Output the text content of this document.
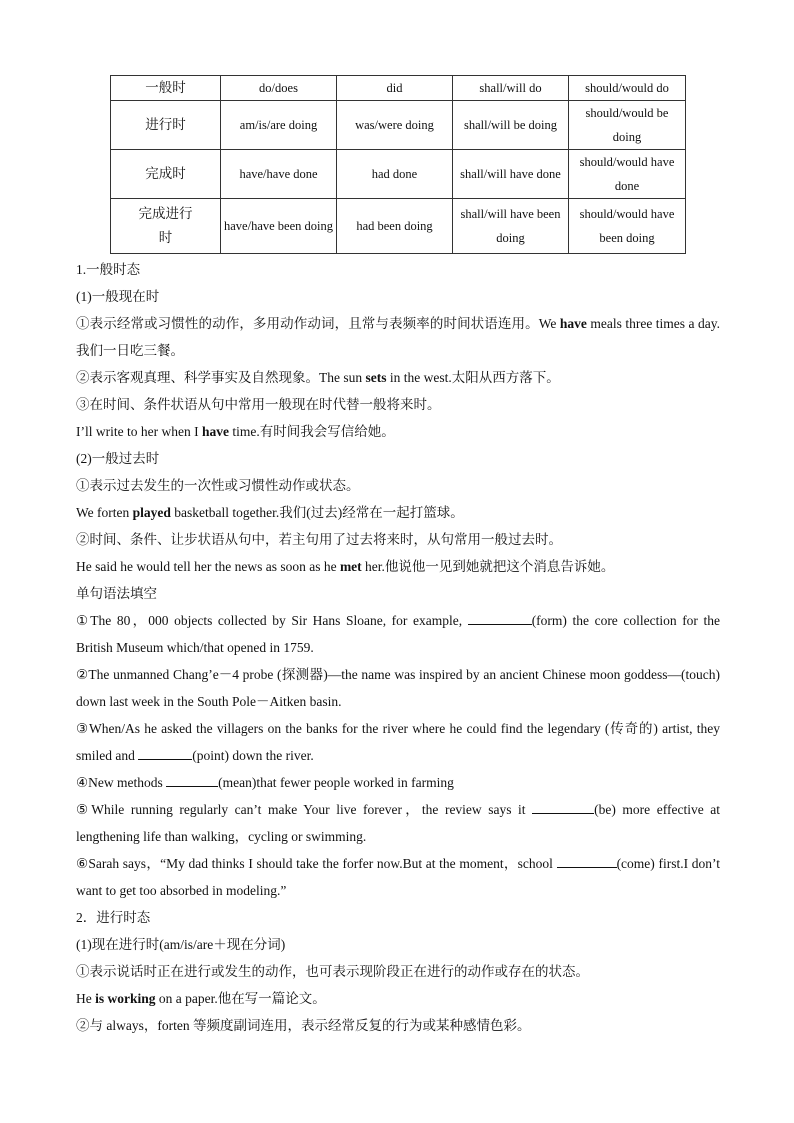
一般时	do/does	did	shall/will do	should/would do
进行时	am/is/are doing	was/were doing	shall/will be doing	should/would be doing
完成时	have/have done	had done	shall/will have done	should/would have done
完成进行时	have/have been doing	had been doing	shall/will have been doing	should/would have been doing

1.一般时态

(1)一般现在时

①表示经常或习惯性的动作，多用动作动词，且常与表频率的时间状语连用。We have meals three times a day.我们一日吃三餐。

②表示客观真理、科学事实及自然现象。The sun sets in the west.太阳从西方落下。

③在时间、条件状语从句中常用一般现在时代替一般将来时。

I’ll write to her when I have time.有时间我会写信给她。

(2)一般过去时

①表示过去发生的一次性或习惯性动作或状态。

We forten played basketball together.我们(过去)经常在一起打篮球。

②时间、条件、让步状语从句中，若主句用了过去将来时，从句常用一般过去时。

He said he would tell her the news as soon as he met her.他说他一见到她就把这个消息告诉她。

单句语法填空

①The 80，000 objects collected by Sir Hans Sloane, for example,	(form) the core collection for the British Museum which/that opened in 1759.

②The unmanned Chang’e－4 probe (探测器)—the name was inspired by an ancient Chinese moon goddess—(touch) down last week in the South Pole－Aitken basin.

③When/As he asked the villagers on the banks for the river where he could find the legendary (传奇的) artist, they smiled and	(point) down the river.

④New methods	(mean)that fewer people worked in farming

⑤While running regularly can’t make Your live forever，the review says it	(be) more effective at lengthening life than walking，cycling or swimming.

⑥Sarah says，“My dad thinks I should take the forfer now.But at the moment，school	(come) first.I don’t want to get too absorbed in modeling.”

2．进行时态

(1)现在进行时(am/is/are＋现在分词)

①表示说话时正在进行或发生的动作，也可表示现阶段正在进行的动作或存在的状态。

He is working on a paper.他在写一篇论文。

②与 always，forten 等频度副词连用，表示经常反复的行为或某种感情色彩。
